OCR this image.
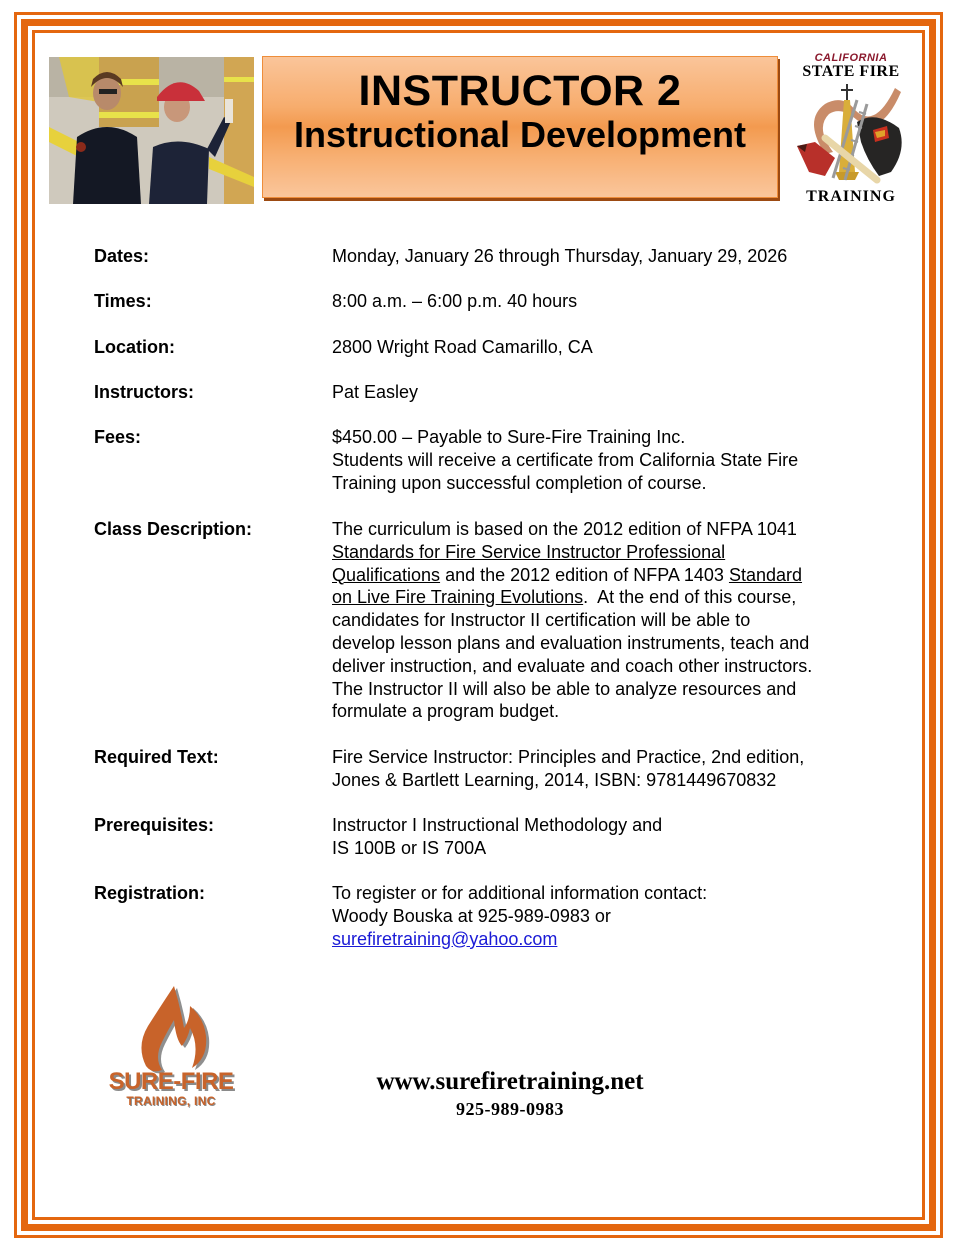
INSTRUCTOR 2
Instructional Development
CALIFORNIA
STATE FIRE
TRAINING
Dates:	Monday, January 26 through Thursday, January 29, 2026
Times:	8:00 a.m. – 6:00 p.m. 40 hours
Location:	2800 Wright Road Camarillo, CA
Instructors:	Pat Easley
Fees:	$450.00 – Payable to Sure-Fire Training Inc.
Students will receive a certificate from California State Fire
Training upon successful completion of course.
Class Description:	The curriculum is based on the 2012 edition of NFPA 1041
Standards for Fire Service Instructor Professional
Qualifications and the 2012 edition of NFPA 1403 Standard
on Live Fire Training Evolutions.  At the end of this course,
candidates for Instructor II certification will be able to
develop lesson plans and evaluation instruments, teach and
deliver instruction, and evaluate and coach other instructors.
The Instructor II will also be able to analyze resources and
formulate a program budget.
Required Text:	Fire Service Instructor: Principles and Practice, 2nd edition,
Jones & Bartlett Learning, 2014, ISBN: 9781449670832
Prerequisites:	Instructor I Instructional Methodology and
IS 100B or IS 700A
Registration:	To register or for additional information contact:
Woody Bouska at 925-989-0983 or
surefiretraining@yahoo.com
SURE-FIRE
TRAINING, INC
www.surefiretraining.net
925-989-0983
